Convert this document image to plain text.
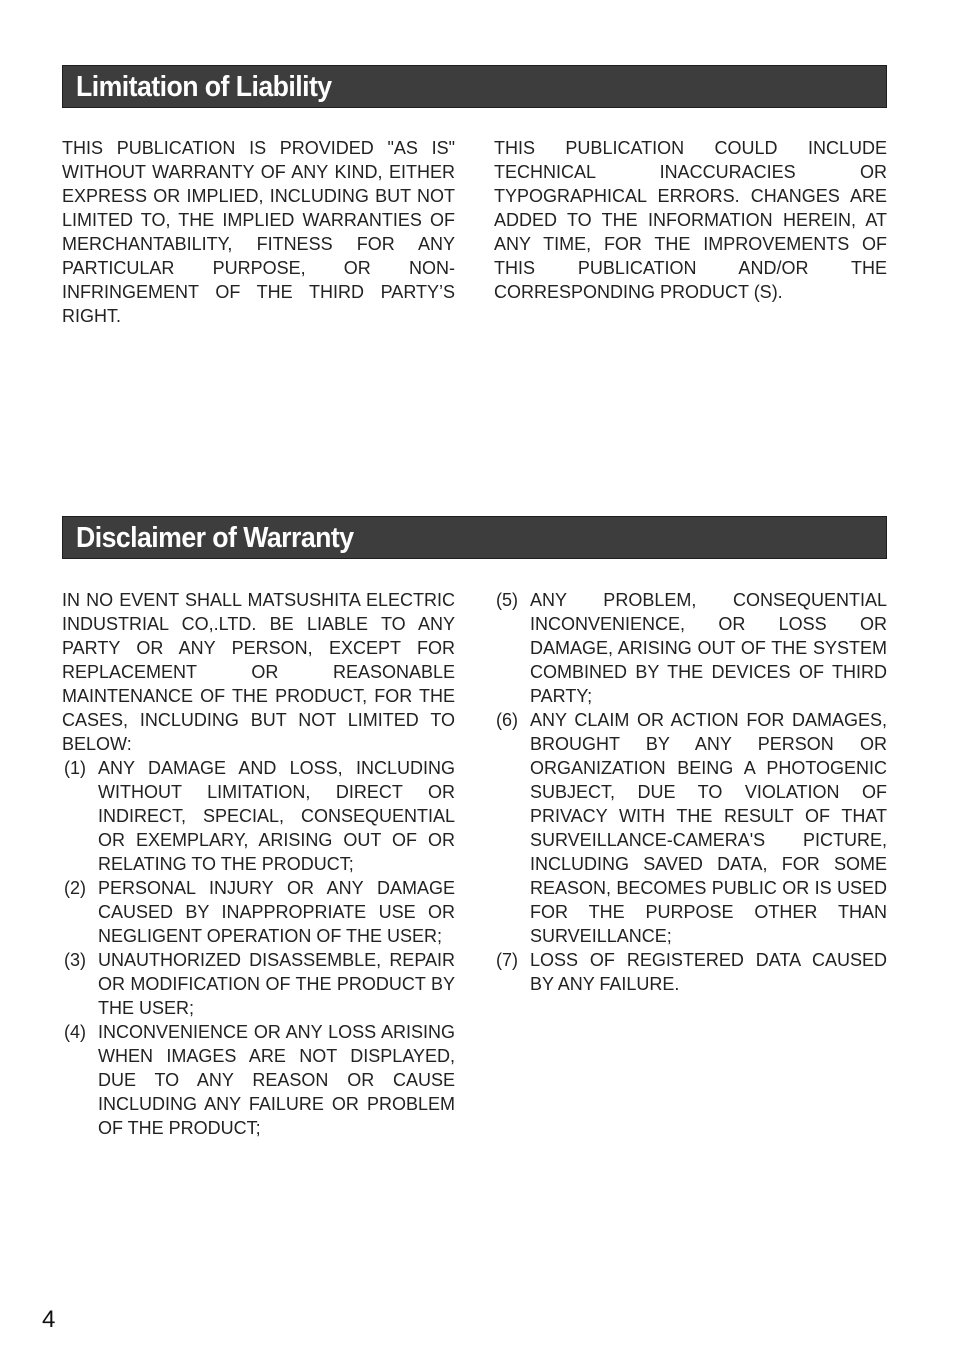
Limitation of Liability

THIS PUBLICATION IS PROVIDED "AS IS" WITHOUT WARRANTY OF ANY KIND, EITHER EXPRESS OR IMPLIED, INCLUDING BUT NOT LIMITED TO, THE IMPLIED WARRANTIES OF MERCHANTABILITY, FITNESS FOR ANY PARTICULAR PURPOSE, OR NON-INFRINGEMENT OF THE THIRD PARTY’S RIGHT.

THIS PUBLICATION COULD INCLUDE TECHNICAL INACCURACIES OR TYPOGRAPHICAL ERRORS. CHANGES ARE ADDED TO THE INFORMATION HEREIN, AT ANY TIME, FOR THE IMPROVEMENTS OF THIS PUBLICATION AND/OR THE CORRESPONDING PRODUCT (S).

Disclaimer of Warranty

IN NO EVENT SHALL MATSUSHITA ELECTRIC INDUSTRIAL CO,.LTD. BE LIABLE TO ANY PARTY OR ANY PERSON, EXCEPT FOR REPLACEMENT OR REASONABLE MAINTENANCE OF THE PRODUCT, FOR THE CASES, INCLUDING BUT NOT LIMITED TO BELOW:

(1) ANY DAMAGE AND LOSS, INCLUDING WITHOUT LIMITATION, DIRECT OR INDIRECT, SPECIAL, CONSEQUENTIAL OR EXEMPLARY, ARISING OUT OF OR RELATING TO THE PRODUCT;
(2) PERSONAL INJURY OR ANY DAMAGE CAUSED BY INAPPROPRIATE USE OR NEGLIGENT OPERATION OF THE USER;
(3) UNAUTHORIZED DISASSEMBLE, REPAIR OR MODIFICATION OF THE PRODUCT BY THE USER;
(4) INCONVENIENCE OR ANY LOSS ARISING WHEN IMAGES ARE NOT DISPLAYED, DUE TO ANY REASON OR CAUSE INCLUDING ANY FAILURE OR PROBLEM OF THE PRODUCT;
(5) ANY PROBLEM, CONSEQUENTIAL INCONVENIENCE, OR LOSS OR DAMAGE, ARISING OUT OF THE SYSTEM COMBINED BY THE DEVICES OF THIRD PARTY;
(6) ANY CLAIM OR ACTION FOR DAMAGES, BROUGHT BY ANY PERSON OR ORGANIZATION BEING A PHOTOGENIC SUBJECT, DUE TO VIOLATION OF PRIVACY WITH THE RESULT OF THAT SURVEILLANCE-CAMERA'S PICTURE, INCLUDING SAVED DATA, FOR SOME REASON, BECOMES PUBLIC OR IS USED FOR THE PURPOSE OTHER THAN SURVEILLANCE;
(7) LOSS OF REGISTERED DATA CAUSED BY ANY FAILURE.
4
